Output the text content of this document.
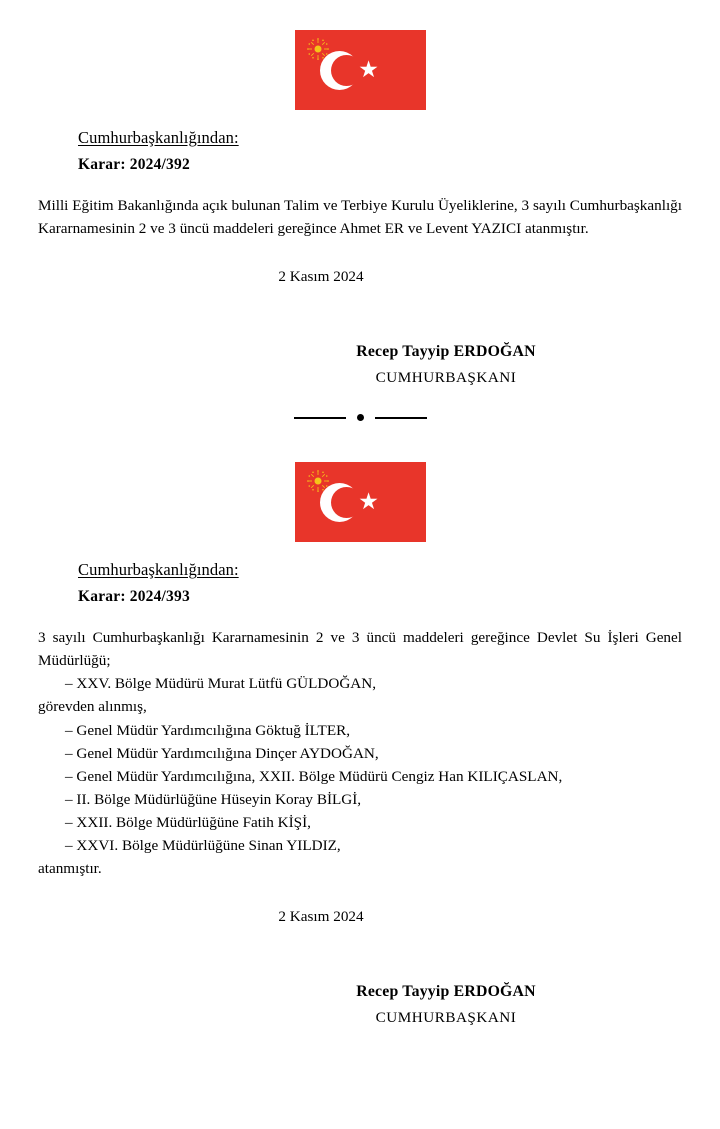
★
Cumhurbaşkanlığından:
Karar: 2024/392

Milli Eğitim Bakanlığında açık bulunan Talim ve Terbiye Kurulu Üyeliklerine, 3 sayılı Cumhurbaşkanlığı Kararnamesinin 2 ve 3 üncü maddeleri gereğince Ahmet ER ve Levent YAZICI atanmıştır.

2 Kasım 2024
Recep Tayyip ERDOĞAN
CUMHURBAŞKANI
★
Cumhurbaşkanlığından:
Karar: 2024/393

3 sayılı Cumhurbaşkanlığı Kararnamesinin 2 ve 3 üncü maddeleri gereğince Devlet Su İşleri Genel Müdürlüğü;

– XXV. Bölge Müdürü Murat Lütfü GÜLDOĞAN,
görevden alınmış,
– Genel Müdür Yardımcılığına Göktuğ İLTER,
– Genel Müdür Yardımcılığına Dinçer AYDOĞAN,
– Genel Müdür Yardımcılığına, XXII. Bölge Müdürü Cengiz Han KILIÇASLAN,
– II. Bölge Müdürlüğüne Hüseyin Koray BİLGİ,
– XXII. Bölge Müdürlüğüne Fatih KİŞİ,
– XXVI. Bölge Müdürlüğüne Sinan YILDIZ,
atanmıştır.
2 Kasım 2024
Recep Tayyip ERDOĞAN
CUMHURBAŞKANI
